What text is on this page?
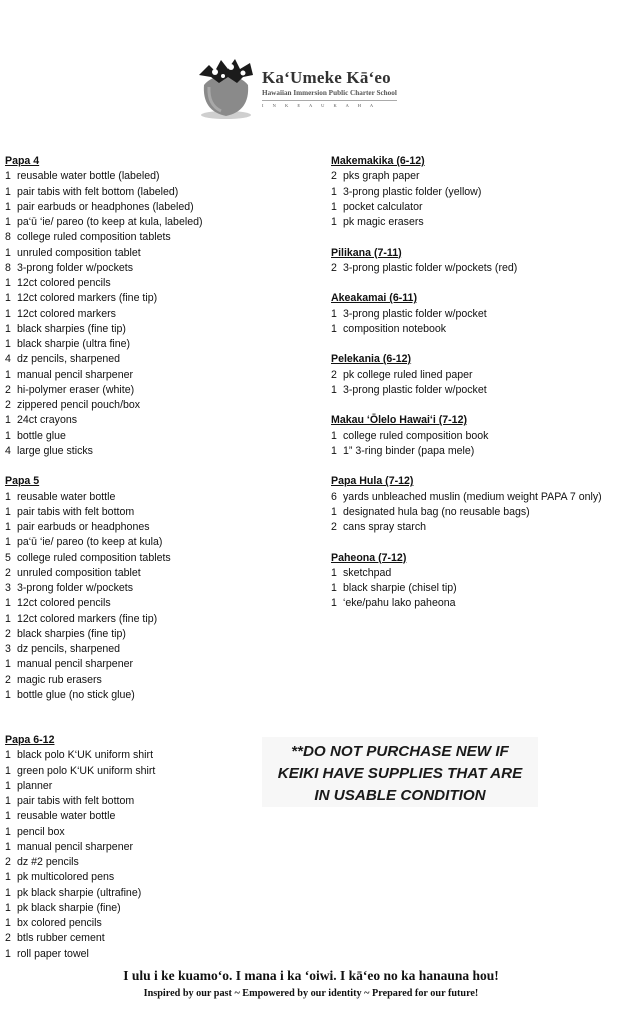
Ka‘Umeke Kā‘eo
Hawaiian Immersion Public Charter School
I N K E A U K A H A
Papa 4
1 reusable water bottle (labeled)
1 pair tabis with felt bottom (labeled)
1 pair earbuds or headphones (labeled)
1 pa‘ū ‘ie/ pareo (to keep at kula, labeled)
8 college ruled composition tablets
1 unruled composition tablet
8 3-prong folder w/pockets
1 12ct colored pencils
1 12ct colored markers (fine tip)
1 12ct colored markers
1 black sharpies (fine tip)
1 black sharpie (ultra fine)
4 dz pencils, sharpened
1 manual pencil sharpener
2 hi-polymer eraser (white)
2 zippered pencil pouch/box
1 24ct crayons
1 bottle glue
4 large glue sticks
Papa 5
1 reusable water bottle
1 pair tabis with felt bottom
1 pair earbuds or headphones
1 pa‘ū ‘ie/ pareo (to keep at kula)
5 college ruled composition tablets
2 unruled composition tablet
3 3-prong folder w/pockets
1 12ct colored pencils
1 12ct colored markers (fine tip)
2 black sharpies (fine tip)
3 dz pencils, sharpened
1 manual pencil sharpener
2 magic rub erasers
1 bottle glue (no stick glue)
Papa 6-12
1 black polo K‘UK uniform shirt
1 green polo K‘UK uniform shirt
1 planner
1 pair tabis with felt bottom
1 reusable water bottle
1 pencil box
1 manual pencil sharpener
2 dz #2 pencils
1 pk multicolored pens
1 pk black sharpie (ultrafine)
1 pk black sharpie (fine)
1 bx colored pencils
2 btls rubber cement
1 roll paper towel
Makemakika (6-12)
2 pks graph paper
1 3-prong plastic folder (yellow)
1 pocket calculator
1 pk magic erasers
Pilikana (7-11)
2 3-prong plastic folder w/pockets (red)
Akeakamai (6-11)
1 3-prong plastic folder w/pocket
1 composition notebook
Pelekania (6-12)
2 pk college ruled lined paper
1 3-prong plastic folder w/pocket
Makau ‘Ōlelo Hawai‘i (7-12)
1 college ruled composition book
1 1” 3-ring binder (papa mele)
Papa Hula (7-12)
6 yards unbleached muslin (medium weight PAPA 7 only)
1 designated hula bag (no reusable bags)
2 cans spray starch
Paheona (7-12)
1 sketchpad
1 black sharpie (chisel tip)
1 ‘eke/pahu lako paheona
**DO NOT PURCHASE NEW IF
KEIKI HAVE SUPPLIES THAT ARE
IN USABLE CONDITION
I ulu i ke kuamo‘o. I mana i ka ‘oiwi. I kā‘eo no ka hanauna hou!
Inspired by our past ~ Empowered by our identity ~ Prepared for our future!
